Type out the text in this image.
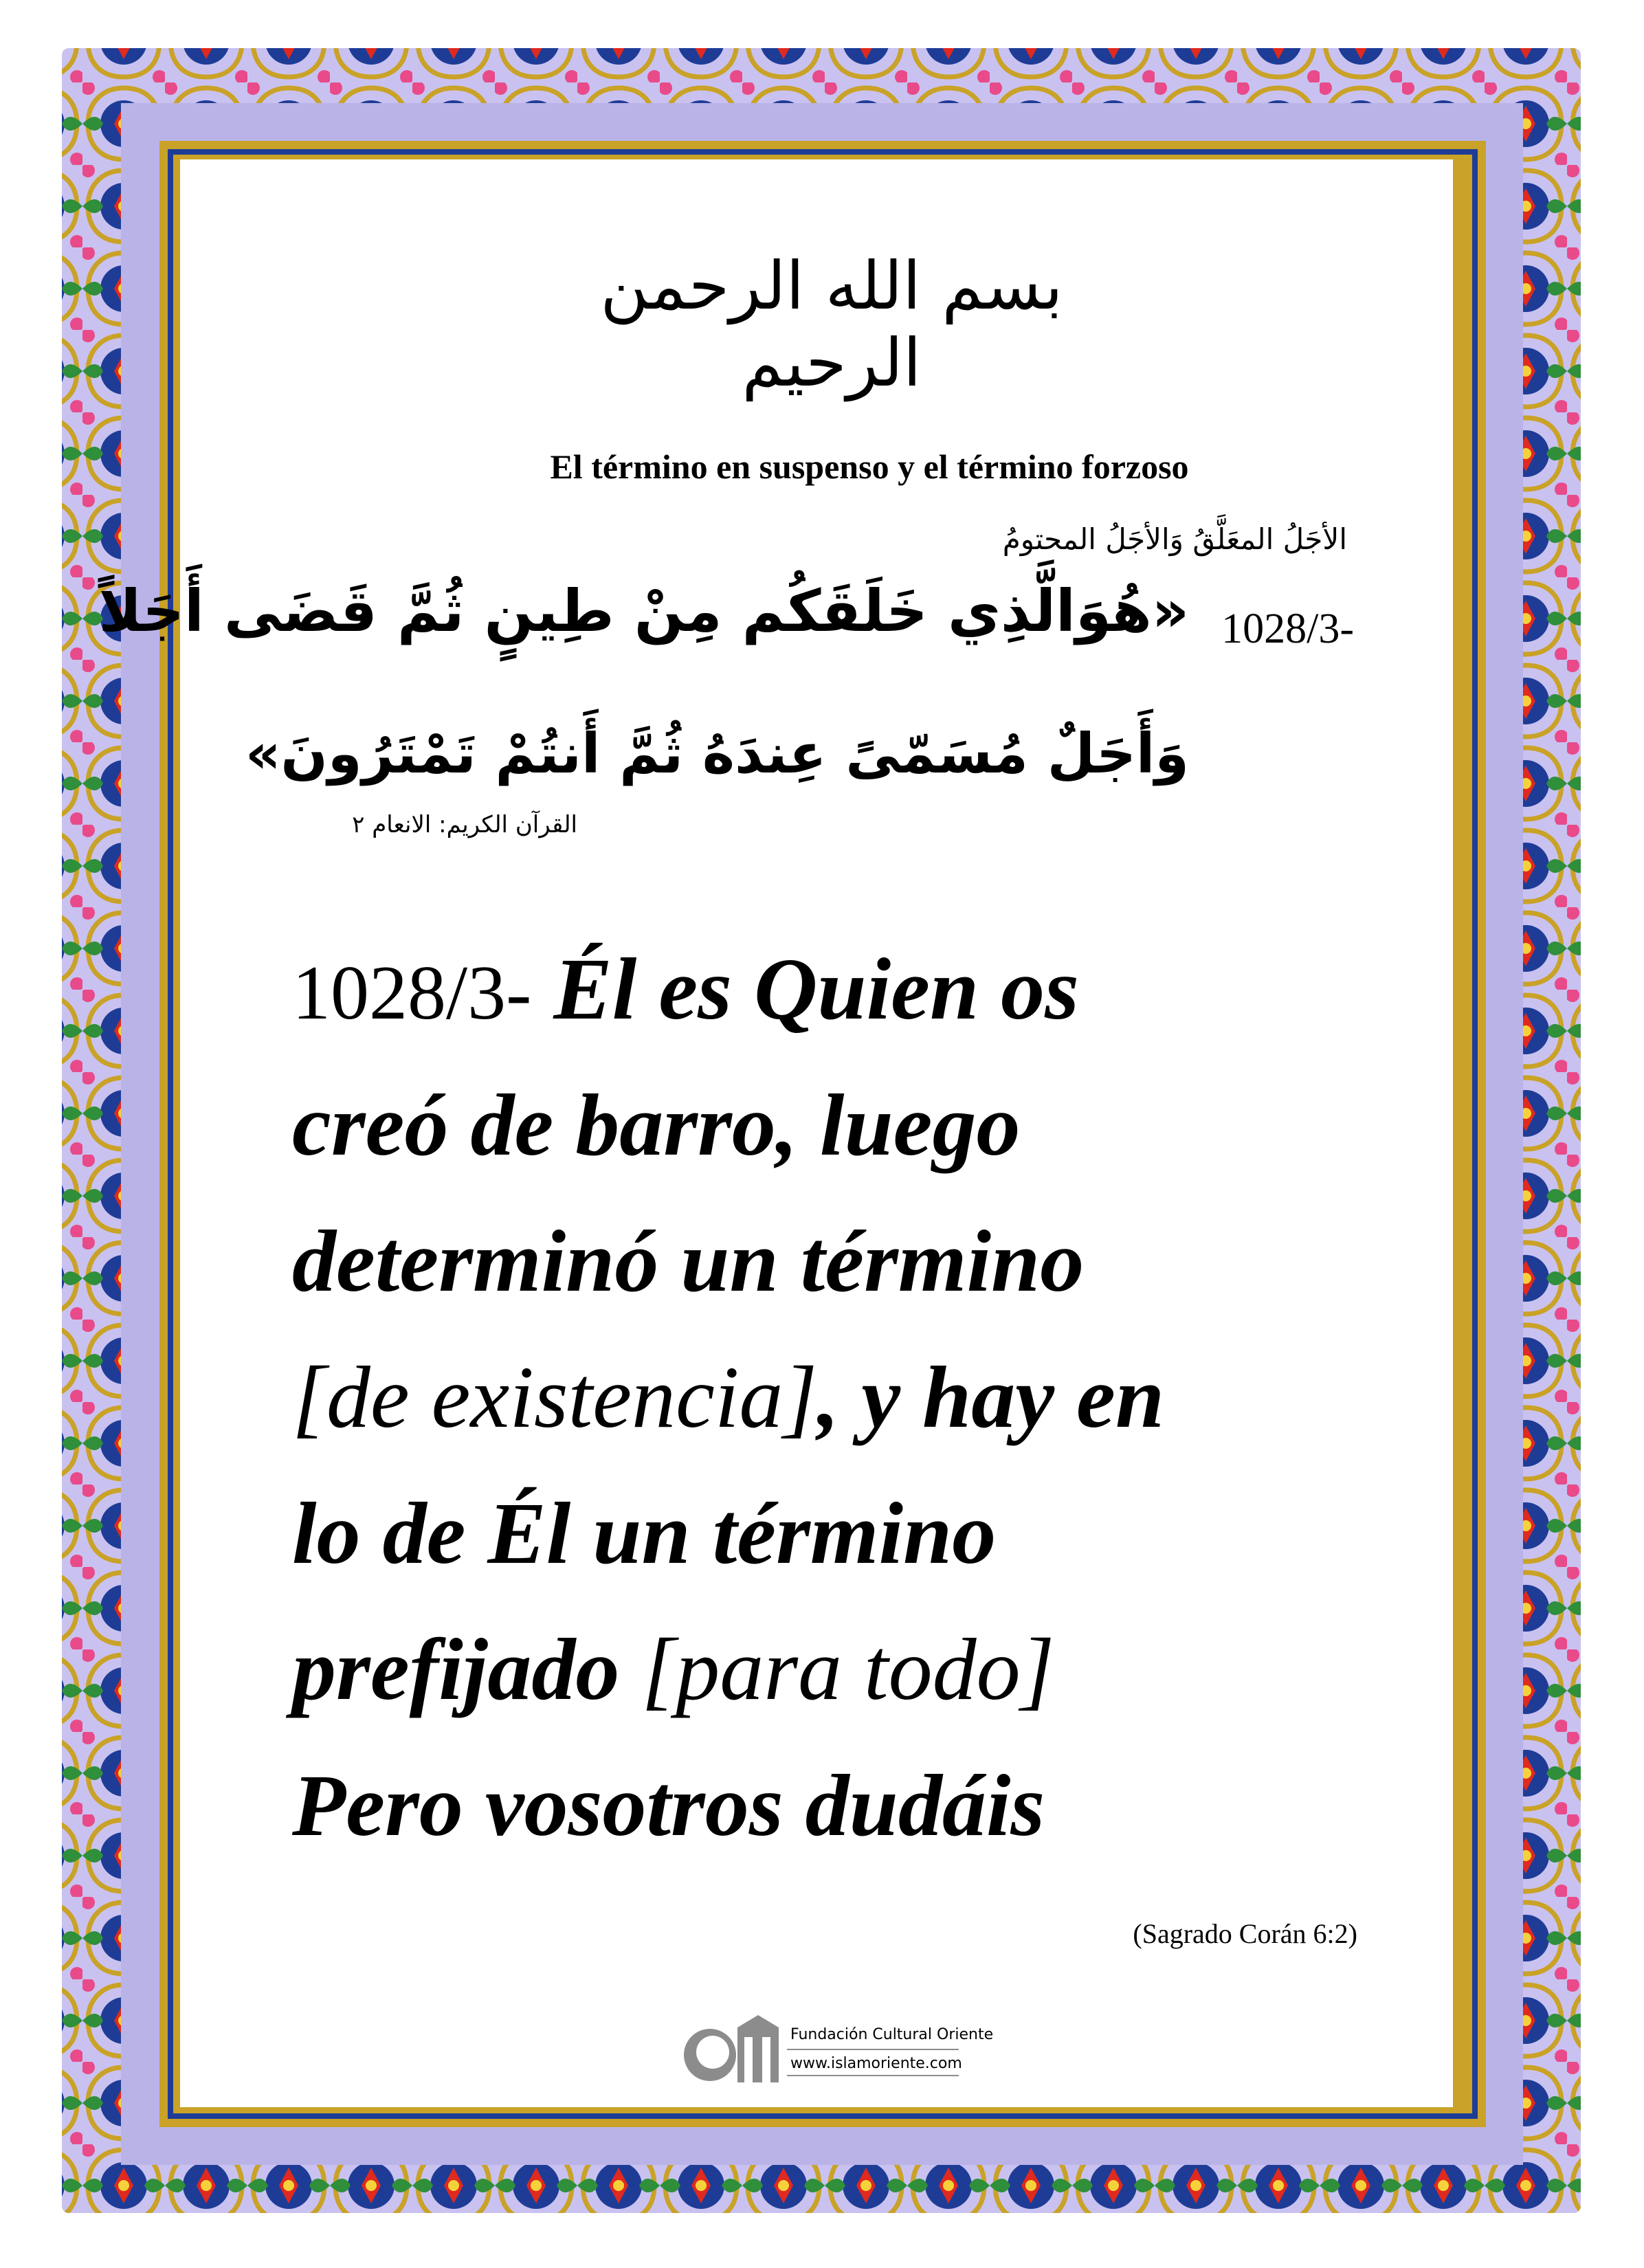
بسم الله الرحمن الرحيم

El término en suspenso y el término forzoso

الأجَلُ المعَلَّقُ وَالأجَلُ المحتومُ

1028/3-

«هُوَالَّذِي خَلَقَكُم مِنْ طِينٍ ثُمَّ قَضَى أَجَلاً

وَأَجَلٌ مُسَمّىً عِندَهُ ثُمَّ أَنتُمْ تَمْتَرُونَ»

القرآن الكريم: الانعام ٢

1028/3- Él es Quien os
creó de barro, luego
determinó un término
[de existencia], y hay en
lo de Él un término
prefijado [para todo]
Pero vosotros dudáis

(Sagrado Corán 6:2)

Fundación Cultural Oriente

www.islamoriente.com
